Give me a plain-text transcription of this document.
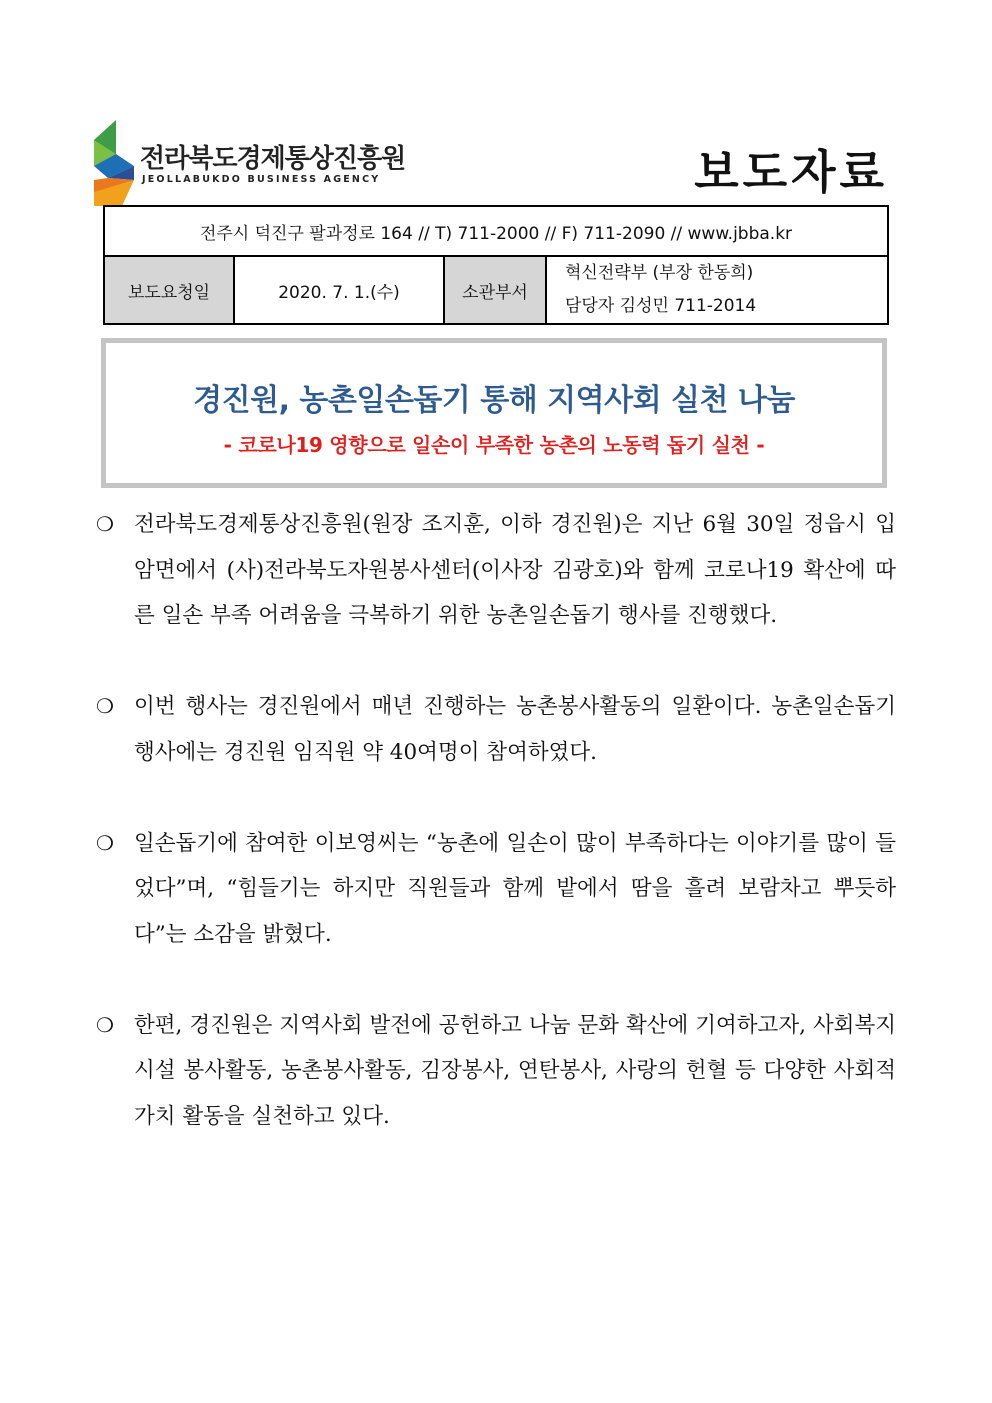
전라북도경제통상진흥원
JEOLLABUKDO BUSINESS AGENCY	보도자료
전주시 덕진구 팔과정로 164 // T) 711-2000 // F) 711-2090 // www.jbba.kr
보도요청일	2020. 7. 1.(수)	소관부서	
혁신전략부 (부장 한동희)
담당자 김성민 711-2014
경진원, 농촌일손돕기 통해 지역사회 실천 나눔
- 코로나19 영향으로 일손이 부족한 농촌의 노동력 돕기 실천 -
❍ 전라북도경제통상진흥원(원장 조지훈, 이하 경진원)은 지난 6월 30일 정읍시 입암면에서 (사)전라북도자원봉사센터(이사장 김광호)와 함께 코로나19 확산에 따른 일손 부족 어려움을 극복하기 위한 농촌일손돕기 행사를 진행했다.
❍ 이번 행사는 경진원에서 매년 진행하는 농촌봉사활동의 일환이다. 농촌일손돕기 행사에는 경진원 임직원 약 40여명이 참여하였다.
❍ 일손돕기에 참여한 이보영씨는 “농촌에 일손이 많이 부족하다는 이야기를 많이 들었다”며, “힘들기는 하지만 직원들과 함께 밭에서 땀을 흘려 보람차고 뿌듯하다”는 소감을 밝혔다.
❍ 한편, 경진원은 지역사회 발전에 공헌하고 나눔 문화 확산에 기여하고자, 사회복지시설 봉사활동, 농촌봉사활동, 김장봉사, 연탄봉사, 사랑의 헌혈 등 다양한 사회적 가치 활동을 실천하고 있다.
